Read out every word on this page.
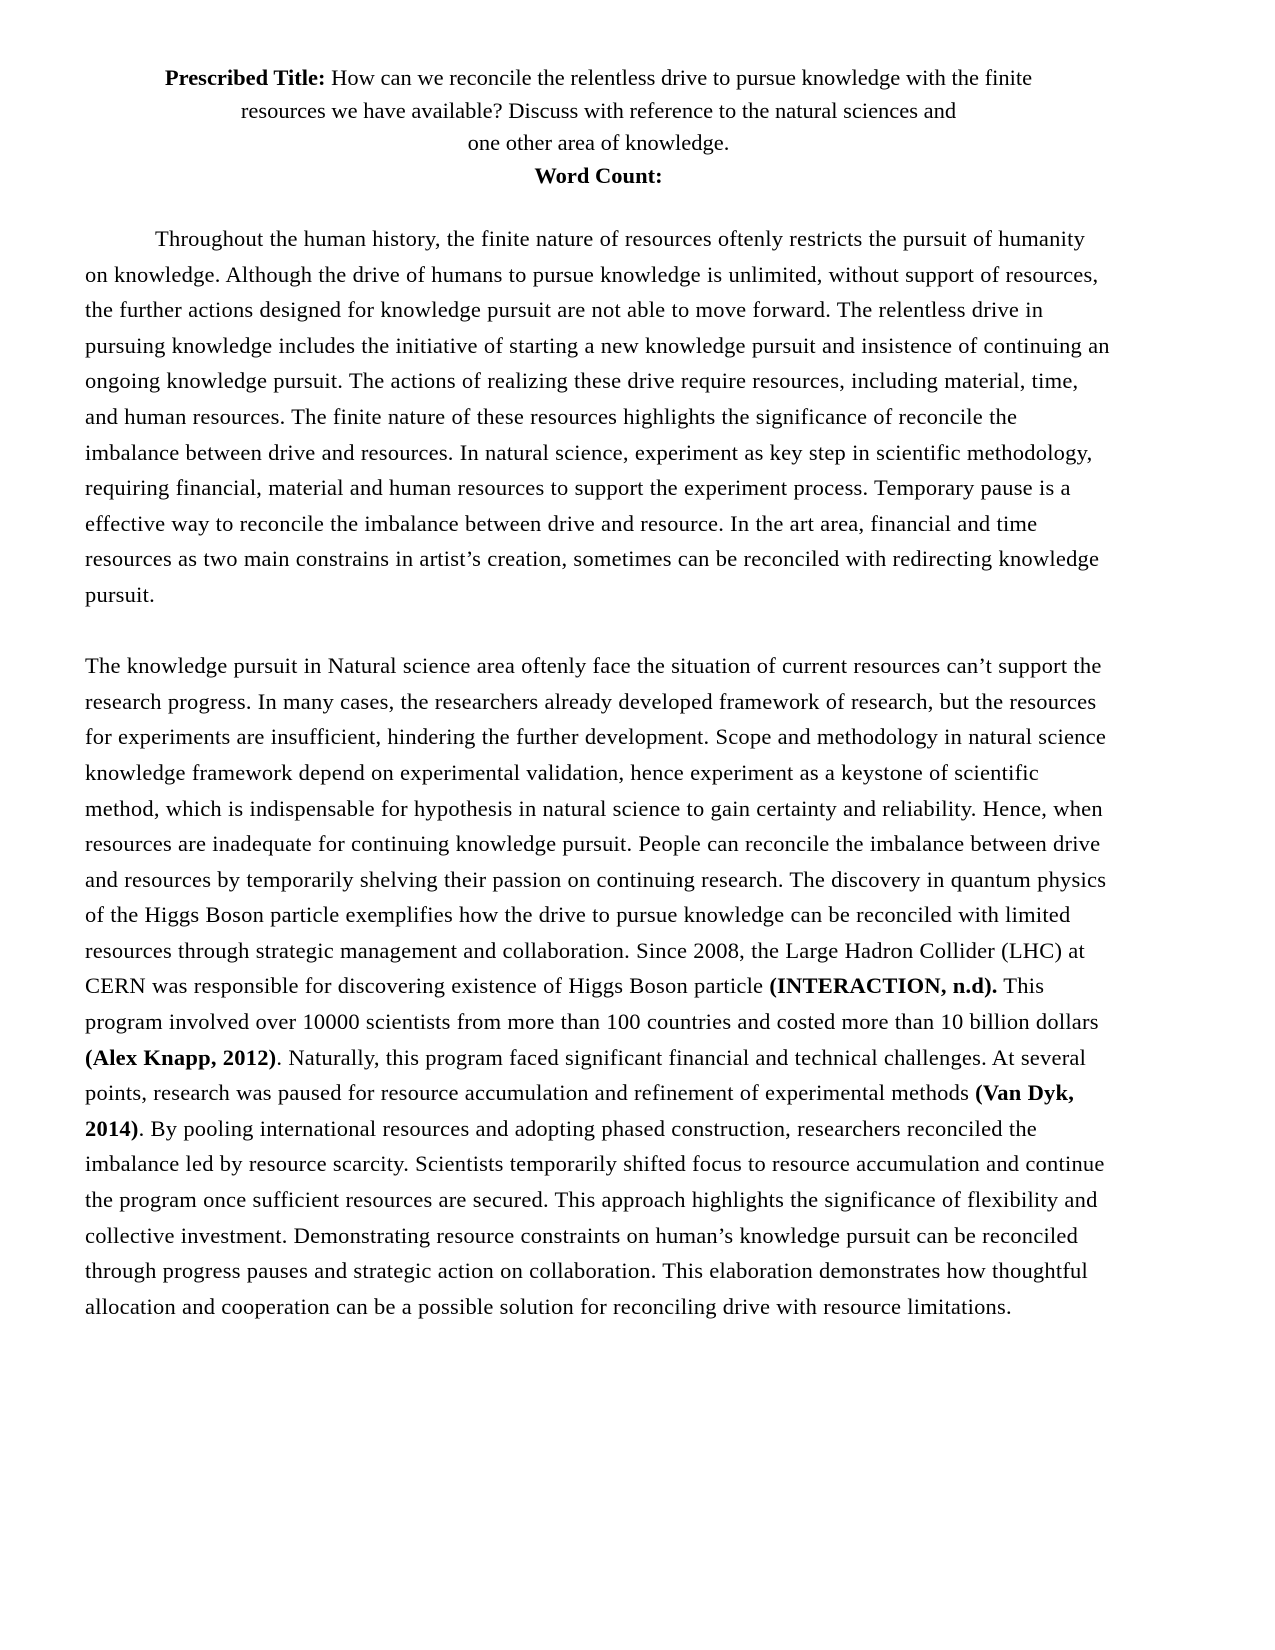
Prescribed Title: How can we reconcile the relentless drive to pursue knowledge with the finite
resources we have available? Discuss with reference to the natural sciences and
one other area of knowledge.
Word Count:

Throughout the human history, the finite nature of resources oftenly restricts the pursuit of humanity on knowledge. Although the drive of humans to pursue knowledge is unlimited, without support of resources, the further actions designed for knowledge pursuit are not able to move forward. The relentless drive in pursuing knowledge includes the initiative of starting a new knowledge pursuit and insistence of continuing an ongoing knowledge pursuit. The actions of realizing these drive require resources, including material, time, and human resources. The finite nature of these resources highlights the significance of reconcile the imbalance between drive and resources. In natural science, experiment as key step in scientific methodology, requiring financial, material and human resources to support the experiment process. Temporary pause is a effective way to reconcile the imbalance between drive and resource. In the art area, financial and time resources as two main constrains in artist’s creation, sometimes can be reconciled with redirecting knowledge pursuit.

The knowledge pursuit in Natural science area oftenly face the situation of current resources can’t support the research progress. In many cases, the researchers already developed framework of research, but the resources for experiments are insufficient, hindering the further development. Scope and methodology in natural science knowledge framework depend on experimental validation, hence experiment as a keystone of scientific method, which is indispensable for hypothesis in natural science to gain certainty and reliability. Hence, when resources are inadequate for continuing knowledge pursuit. People can reconcile the imbalance between drive and resources by temporarily shelving their passion on continuing research. The discovery in quantum physics of the Higgs Boson particle exemplifies how the drive to pursue knowledge can be reconciled with limited resources through strategic management and collaboration. Since 2008, the Large Hadron Collider (LHC) at CERN was responsible for discovering existence of Higgs Boson particle (INTERACTION, n.d). This program involved over 10000 scientists from more than 100 countries and costed more than 10 billion dollars (Alex Knapp, 2012). Naturally, this program faced significant financial and technical challenges. At several points, research was paused for resource accumulation and refinement of experimental methods (Van Dyk, 2014). By pooling international resources and adopting phased construction, researchers reconciled the imbalance led by resource scarcity. Scientists temporarily shifted focus to resource accumulation and continue the program once sufficient resources are secured. This approach highlights the significance of flexibility and collective investment. Demonstrating resource constraints on human’s knowledge pursuit can be reconciled through progress pauses and strategic action on collaboration. This elaboration demonstrates how thoughtful allocation and cooperation can be a possible solution for reconciling drive with resource limitations.
